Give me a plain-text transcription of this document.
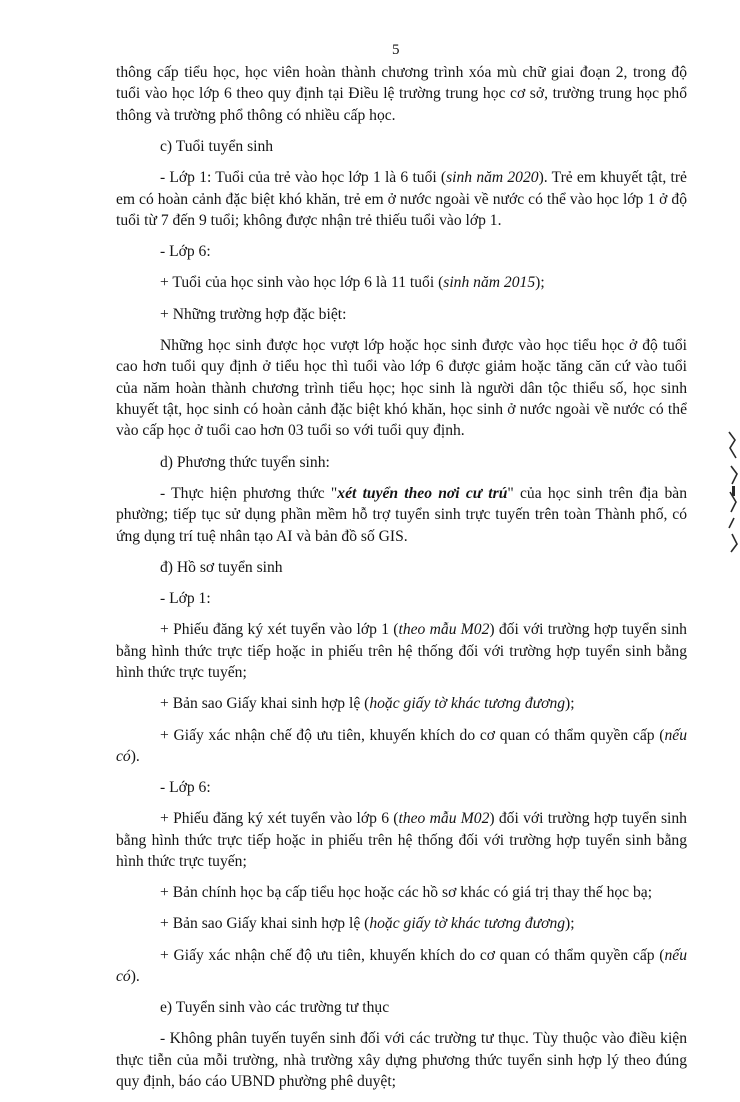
5

thông cấp tiểu học, học viên hoàn thành chương trình xóa mù chữ giai đoạn 2, trong độ tuổi vào học lớp 6 theo quy định tại Điều lệ trường trung học cơ sở, trường trung học phổ thông và trường phổ thông có nhiều cấp học.

c) Tuổi tuyển sinh

- Lớp 1: Tuổi của trẻ vào học lớp 1 là 6 tuổi (sinh năm 2020). Trẻ em khuyết tật, trẻ em có hoàn cảnh đặc biệt khó khăn, trẻ em ở nước ngoài về nước có thể vào học lớp 1 ở độ tuổi từ 7 đến 9 tuổi; không được nhận trẻ thiếu tuổi vào lớp 1.

- Lớp 6:

+ Tuổi của học sinh vào học lớp 6 là 11 tuổi (sinh năm 2015);

+ Những trường hợp đặc biệt:

Những học sinh được học vượt lớp hoặc học sinh được vào học tiểu học ở độ tuổi cao hơn tuổi quy định ở tiểu học thì tuổi vào lớp 6 được giảm hoặc tăng căn cứ vào tuổi của năm hoàn thành chương trình tiểu học; học sinh là người dân tộc thiểu số, học sinh khuyết tật, học sinh có hoàn cảnh đặc biệt khó khăn, học sinh ở nước ngoài về nước có thể vào cấp học ở tuổi cao hơn 03 tuổi so với tuổi quy định.

d) Phương thức tuyển sinh:

- Thực hiện phương thức "xét tuyển theo nơi cư trú" của học sinh trên địa bàn phường; tiếp tục sử dụng phần mềm hỗ trợ tuyển sinh trực tuyến trên toàn Thành phố, có ứng dụng trí tuệ nhân tạo AI và bản đồ số GIS.

đ) Hồ sơ tuyển sinh

- Lớp 1:

+ Phiếu đăng ký xét tuyển vào lớp 1 (theo mẫu M02) đối với trường hợp tuyển sinh bằng hình thức trực tiếp hoặc in phiếu trên hệ thống đối với trường hợp tuyển sinh bằng hình thức trực tuyến;

+ Bản sao Giấy khai sinh hợp lệ (hoặc giấy tờ khác tương đương);

+ Giấy xác nhận chế độ ưu tiên, khuyến khích do cơ quan có thẩm quyền cấp (nếu có).

- Lớp 6:

+ Phiếu đăng ký xét tuyển vào lớp 6 (theo mẫu M02) đối với trường hợp tuyển sinh bằng hình thức trực tiếp hoặc in phiếu trên hệ thống đối với trường hợp tuyển sinh bằng hình thức trực tuyến;

+ Bản chính học bạ cấp tiểu học hoặc các hồ sơ khác có giá trị thay thế học bạ;

+ Bản sao Giấy khai sinh hợp lệ (hoặc giấy tờ khác tương đương);

+ Giấy xác nhận chế độ ưu tiên, khuyến khích do cơ quan có thẩm quyền cấp (nếu có).

e) Tuyển sinh vào các trường tư thục

- Không phân tuyến tuyển sinh đối với các trường tư thục. Tùy thuộc vào điều kiện thực tiễn của mỗi trường, nhà trường xây dựng phương thức tuyển sinh hợp lý theo đúng quy định, báo cáo UBND phường phê duyệt;
